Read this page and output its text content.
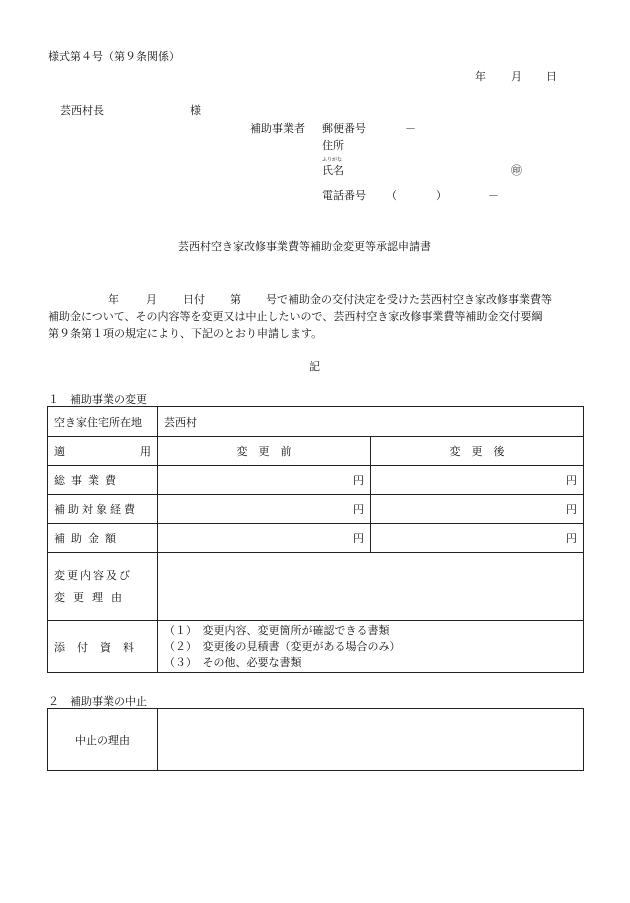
様式第４号（第９条関係）
年 月 日
芸西村長	様
補助事業者 郵便番号	－
住所
ふりがな
氏名	㊞
電話番号 （	）	－
芸西村空き家改修事業費等補助金変更等承認申請書
年 月 日付 第 号で補助金の交付決定を受けた芸西村空き家改修事業費等
補助金について、その内容等を変更又は中止したいので、芸西村空き家改修事業費等補助金交付要綱
第９条第１項の規定により、下記のとおり申請します。
記
１　補助事業の変更
空き家住宅所在地	芸西村	

適 用	変　更　前	変　更　後
総事業費	円	円
補助対象経費	円	円
補助金額	円	円

変更内容及び
変更理由		

添付資料	（１）　変更内容、変更箇所が確認できる書類
（２）　変更後の見積書（変更がある場合のみ）
（３）　その他、必要な書類	
２　補助事業の中止
中止の理由	
